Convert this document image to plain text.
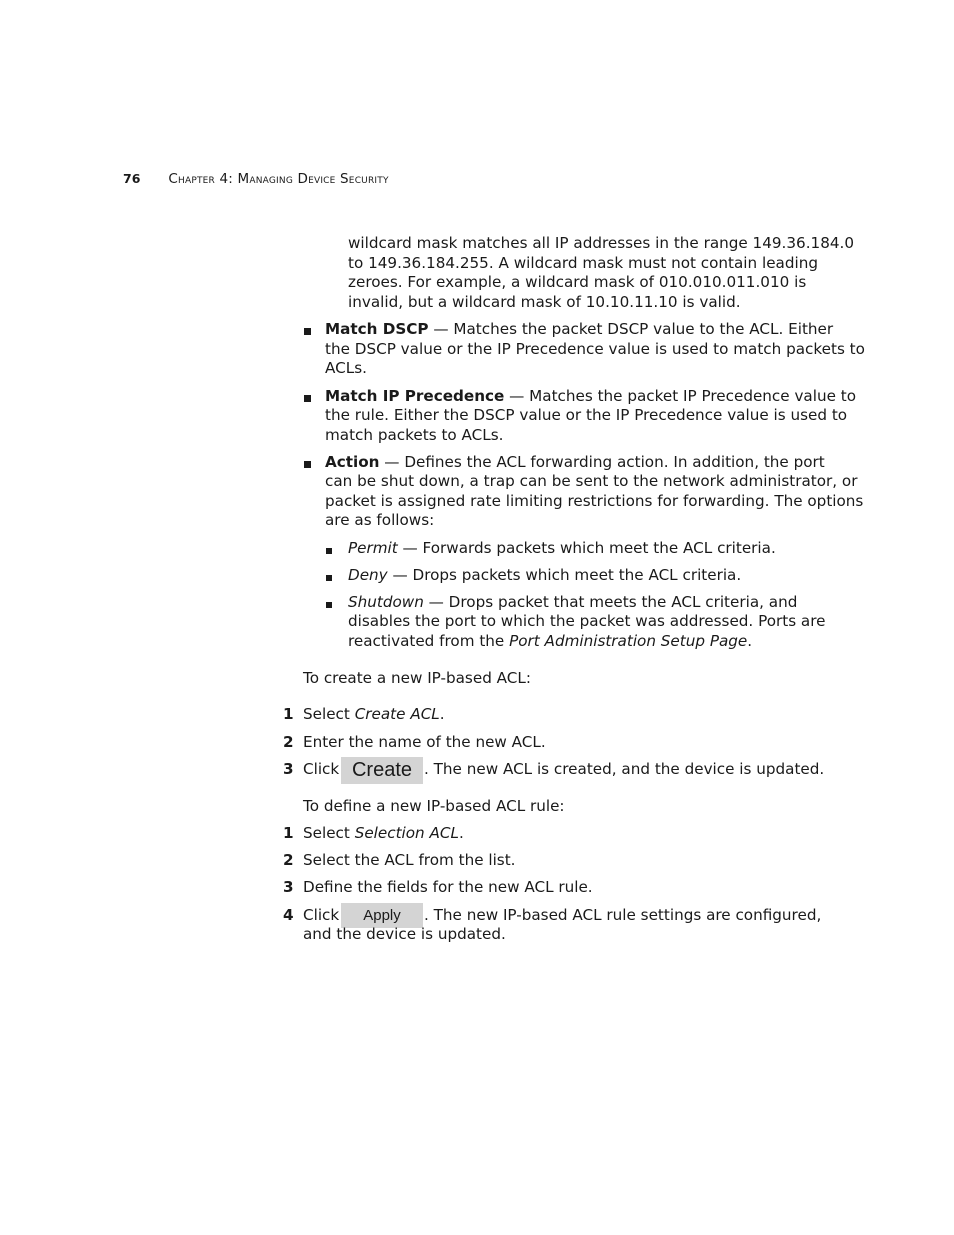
76 Chapter 4: Managing Device Security
wildcard mask matches all IP addresses in the range 149.36.184.0
to 149.36.184.255. A wildcard mask must not contain leading
zeroes. For example, a wildcard mask of 010.010.011.010 is
invalid, but a wildcard mask of 10.10.11.10 is valid.
Match DSCP — Matches the packet DSCP value to the ACL. Either
the DSCP value or the IP Precedence value is used to match packets to
ACLs.
Match IP Precedence — Matches the packet IP Precedence value to
the rule. Either the DSCP value or the IP Precedence value is used to
match packets to ACLs.
Action — Defines the ACL forwarding action. In addition, the port
can be shut down, a trap can be sent to the network administrator, or
packet is assigned rate limiting restrictions for forwarding. The options
are as follows:
Permit — Forwards packets which meet the ACL criteria.
Deny — Drops packets which meet the ACL criteria.
Shutdown — Drops packet that meets the ACL criteria, and
disables the port to which the packet was addressed. Ports are
reactivated from the Port Administration Setup Page.
To create a new IP-based ACL:
1 Select Create ACL.
2 Enter the name of the new ACL.
3 Click Create . The new ACL is created, and the device is updated.
To define a new IP-based ACL rule:
1 Select Selection ACL.
2 Select the ACL from the list.
3 Define the fields for the new ACL rule.
4 Click	Apply	. The new IP-based ACL rule settings are configured,
and the device is updated.
